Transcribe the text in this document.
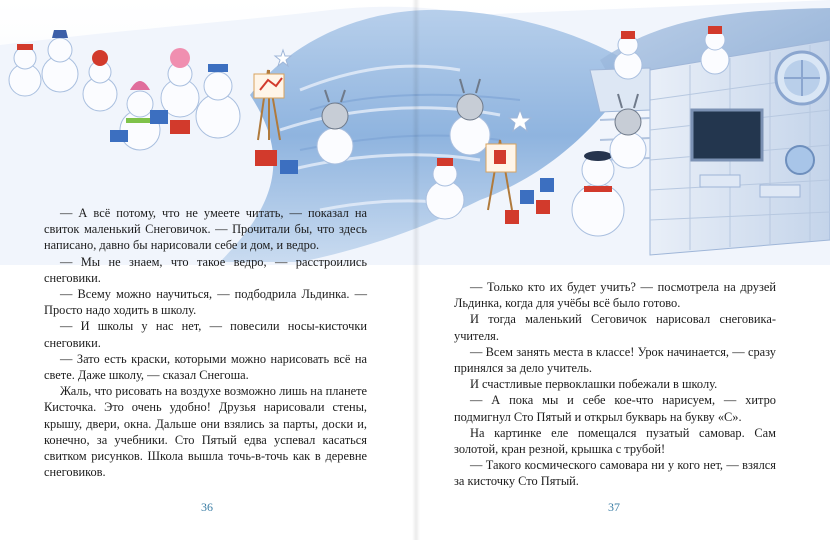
— А всё потому, что не умеете читать, — показал на свиток маленький Снеговичок. — Прочитали бы, что здесь написано, давно бы нарисовали себе и дом, и ведро.

— Мы не знаем, что такое ведро, — расстроились снеговики.

— Всему можно научиться, — подбодрила Льдинка. — Просто надо ходить в школу.

— И школы у нас нет, — повесили носы-кисточки снеговики.

— Зато есть краски, которыми можно нарисовать всё на свете. Даже школу, — сказал Снегоша.

Жаль, что рисовать на воздухе возможно лишь на планете Кисточка. Это очень удобно! Друзья нарисовали стены, крышу, двери, окна. Дальше они взялись за парты, доски и, конечно, за учебники. Сто Пятый едва успевал касаться свитком рисунков. Школа вышла точь-в-точь как в деревне снеговиков.

— Только кто их будет учить? — посмотрела на друзей Льдинка, когда для учёбы всё было готово.

И тогда маленький Сеговичок нарисовал снеговика-учителя.

— Всем занять места в классе! Урок начинается, — сразу принялся за дело учитель.

И счастливые первоклашки побежали в школу.

— А пока мы и себе кое-что нарисуем, — хитро подмигнул Сто Пятый и открыл букварь на букву «С».

На картинке еле помещался пузатый самовар. Сам золотой, кран резной, крышка с трубой!

— Такого космического самовара ни у кого нет, — взялся за кисточку Сто Пятый.

36	37
